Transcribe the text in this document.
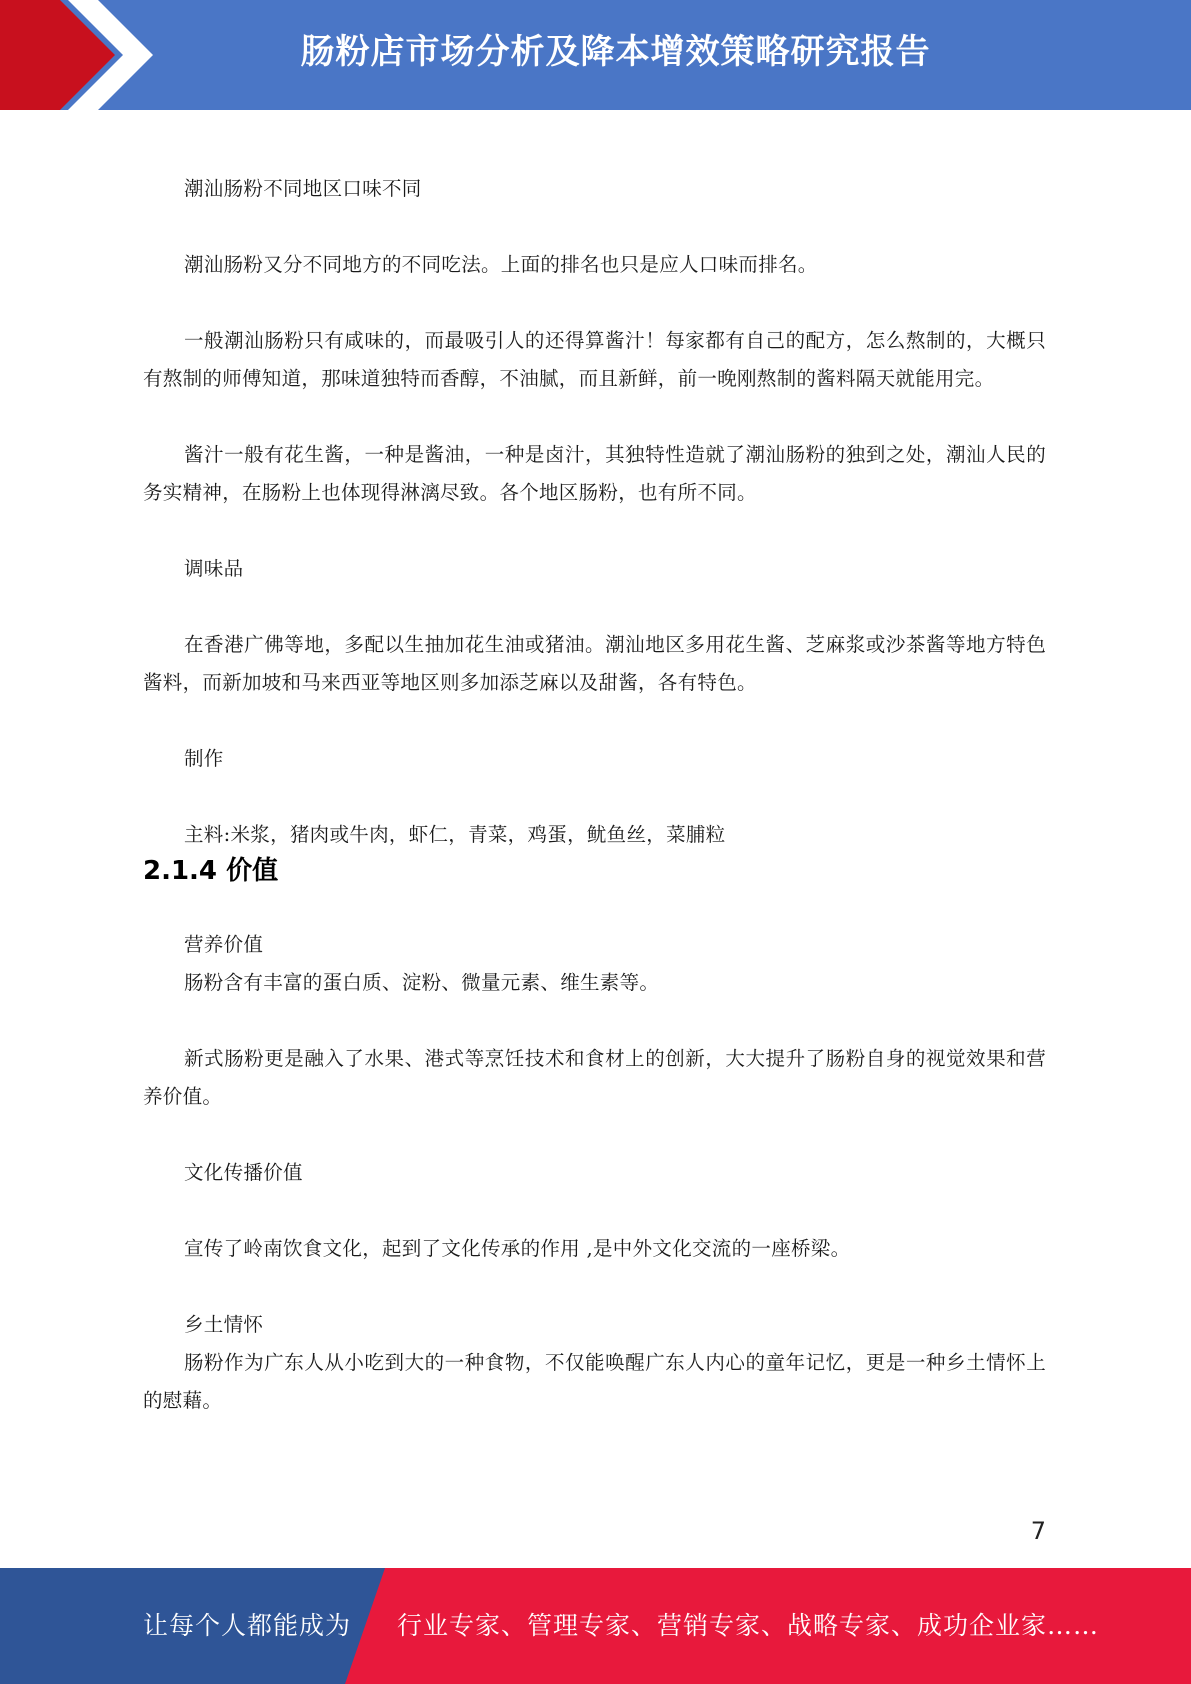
肠粉店市场分析及降本增效策略研究报告

潮汕肠粉不同地区口味不同

潮汕肠粉又分不同地方的不同吃法。上面的排名也只是应人口味而排名。

一般潮汕肠粉只有咸味的，而最吸引人的还得算酱汁！每家都有自己的配方，怎么熬制的，大概只有熬制的师傅知道，那味道独特而香醇，不油腻，而且新鲜，前一晚刚熬制的酱料隔天就能用完。

酱汁一般有花生酱，一种是酱油，一种是卤汁，其独特性造就了潮汕肠粉的独到之处，潮汕人民的务实精神，在肠粉上也体现得淋漓尽致。各个地区肠粉，也有所不同。

调味品

在香港广佛等地，多配以生抽加花生油或猪油。潮汕地区多用花生酱、芝麻浆或沙茶酱等地方特色酱料，而新加坡和马来西亚等地区则多加添芝麻以及甜酱，各有特色。

制作

主料:米浆，猪肉或牛肉，虾仁，青菜，鸡蛋，鱿鱼丝，菜脯粒

2.1.4 价值

营养价值

肠粉含有丰富的蛋白质、淀粉、微量元素、维生素等。

新式肠粉更是融入了水果、港式等烹饪技术和食材上的创新，大大提升了肠粉自身的视觉效果和营养价值。

文化传播价值

宣传了岭南饮食文化，起到了文化传承的作用 ,是中外文化交流的一座桥梁。

乡土情怀

肠粉作为广东人从小吃到大的一种食物，不仅能唤醒广东人内心的童年记忆，更是一种乡土情怀上的慰藉。

7
让每个人都能成为 行业专家、管理专家、营销专家、战略专家、成功企业家……
